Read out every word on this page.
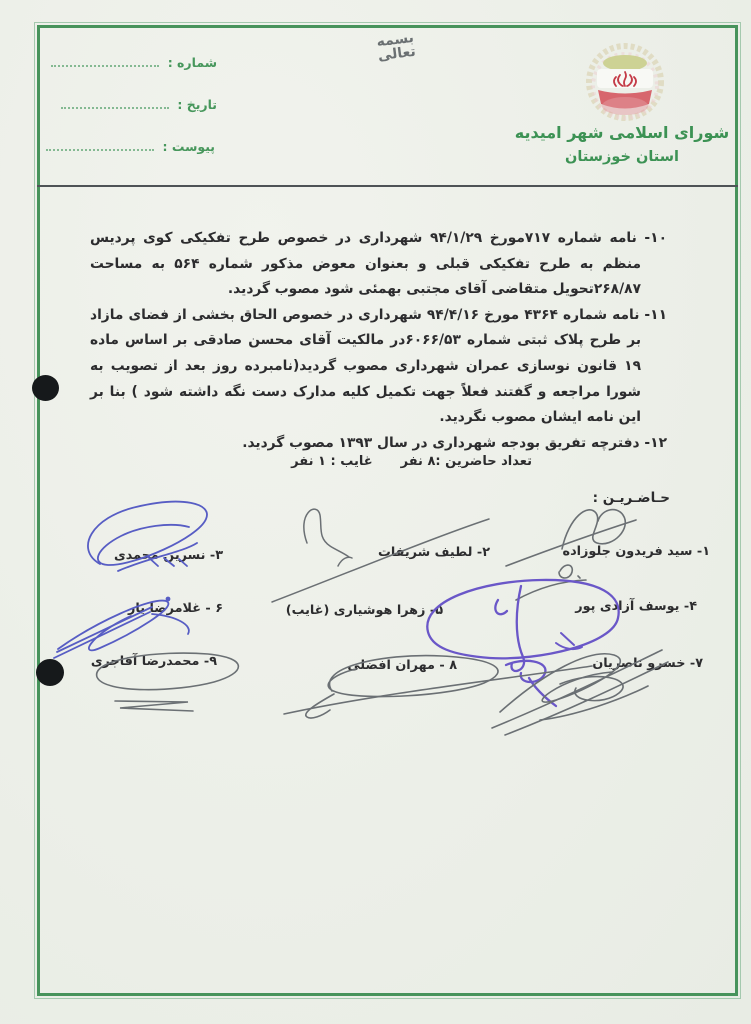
شماره :
تاریخ :
پیوست :
بسمه تعالی
شورای اسلامی شهر امیدیه
استان خوزستان

۱۰- نامه شماره ۷۱۷مورخ ۹۴/۱/۲۹ شهرداری در خصوص طرح تفکیکی کوی پردیس منظم به طرح تفکیکی قبلی و بعنوان معوض مذکور شماره ۵۶۴ به مساحت ۲۶۸/۸۷تحویل متقاضی آقای مجتبی بهمئی شود مصوب گردید.

۱۱- نامه شماره ۴۳۶۴ مورخ ۹۴/۴/۱۶ شهرداری در خصوص الحاق بخشی از فضای مازاد بر طرح پلاک ثبتی شماره ۶۰۶۶/۵۳در مالکیت آقای محسن صادقی بر اساس ماده ۱۹ قانون نوسازی عمران شهرداری مصوب گردید(نامبرده روز بعد از تصویب به شورا مراجعه و گفتند فعلاً جهت تکمیل کلیه مدارک دست نگه داشته شود ) بنا بر این نامه ایشان مصوب نگردید.

۱۲- دفترچه تفریق بودجه شهرداری در سال ۱۳۹۳ مصوب گردید.

تعداد حاضرین :۸ نفر
غایب : ۱ نفر
حـاضـریـن :
۱- سید فریدون جلوزاده
۲- لطیف شریفات
۳- نسرین محمدی
۴- یوسف آزادی پور
۵- زهرا هوشیاری (غایب)
۶ - غلامرضا یار
۷- خسرو ناصریان
۸ - مهران افضلی
۹- محمدرضا آقاجری
